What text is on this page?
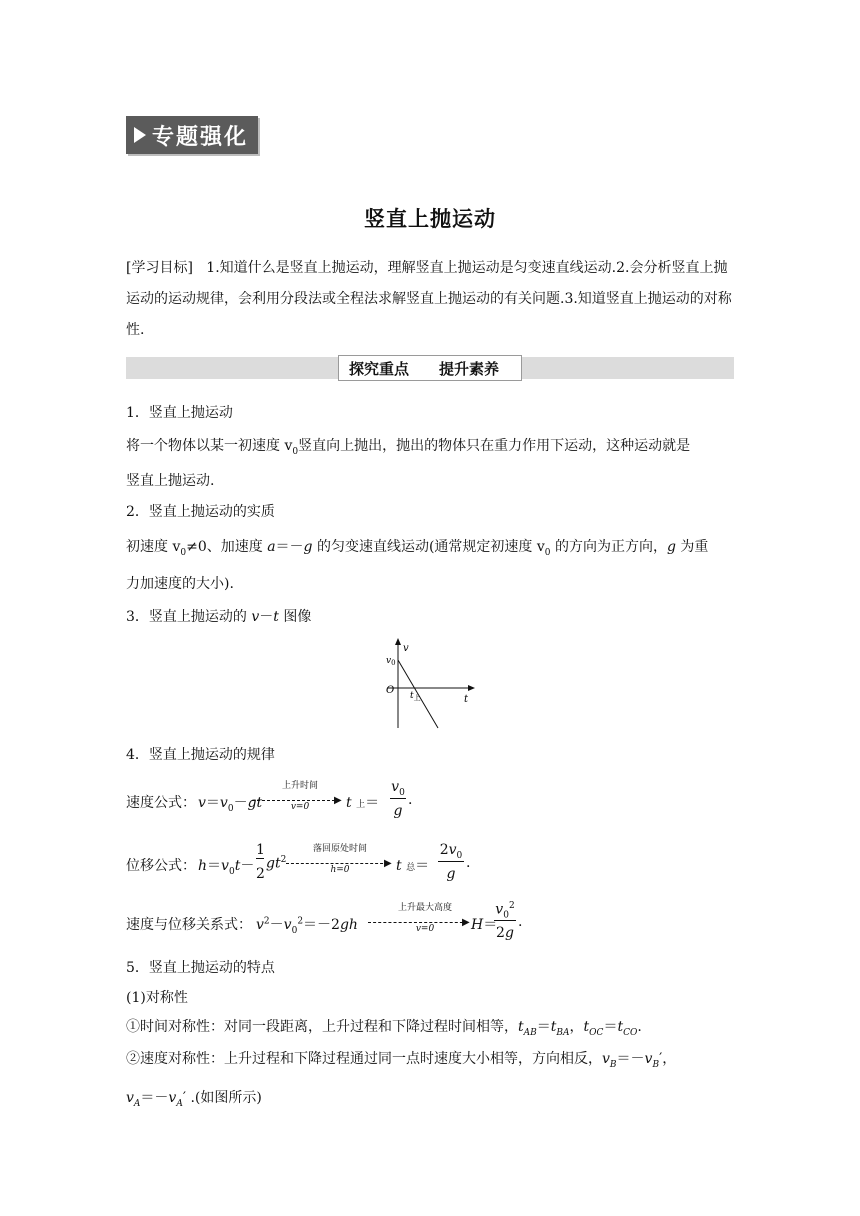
专题强化
竖直上抛运动
[学习目标] 1.知道什么是竖直上抛运动，理解竖直上抛运动是匀变速直线运动.2.会分析竖直上抛运动的运动规律，会利用分段法或全程法求解竖直上抛运动的有关问题.3.知道竖直上抛运动的对称性.
探究重点 提升素养
1．竖直上抛运动
将一个物体以某一初速度 $v_0$竖直向上抛出，抛出的物体只在重力作用下运动，这种运动就是
竖直上抛运动.
2．竖直上抛运动的实质
初速度 $v_0\ne 0$、加速度 a＝－g 的匀变速直线运动(通常规定初速度 $v_0$ 的方向为正方向，g 为重
力加速度的大小).
3．竖直上抛运动的 v－t 图像
v
$v_0$
O $t_上$	t
4．竖直上抛运动的规律
速度公式： $v=v_0-gt$
上升时间
▶
v=0	t 上＝
$v_0$
g
.
位移公式： $h=v_0t-$
1
2
$gt^2$
落回原处时间
▶
h=0	t 总＝
$2v_0$
g
.
速度与位移关系式： $v^2-v_0^2=-2gh$
上升最大高度
▶
v=0	H＝
$v_0^2$
2g
.
5．竖直上抛运动的特点
(1)对称性
①时间对称性：对同一段距离，上升过程和下降过程时间相等，$t_{AB}=t_{BA}$，$t_{OC}=t_{CO}$.
②速度对称性：上升过程和下降过程通过同一点时速度大小相等，方向相反，$v_B=-v_B'$，
$v_A=-v_A'$ .(如图所示)
